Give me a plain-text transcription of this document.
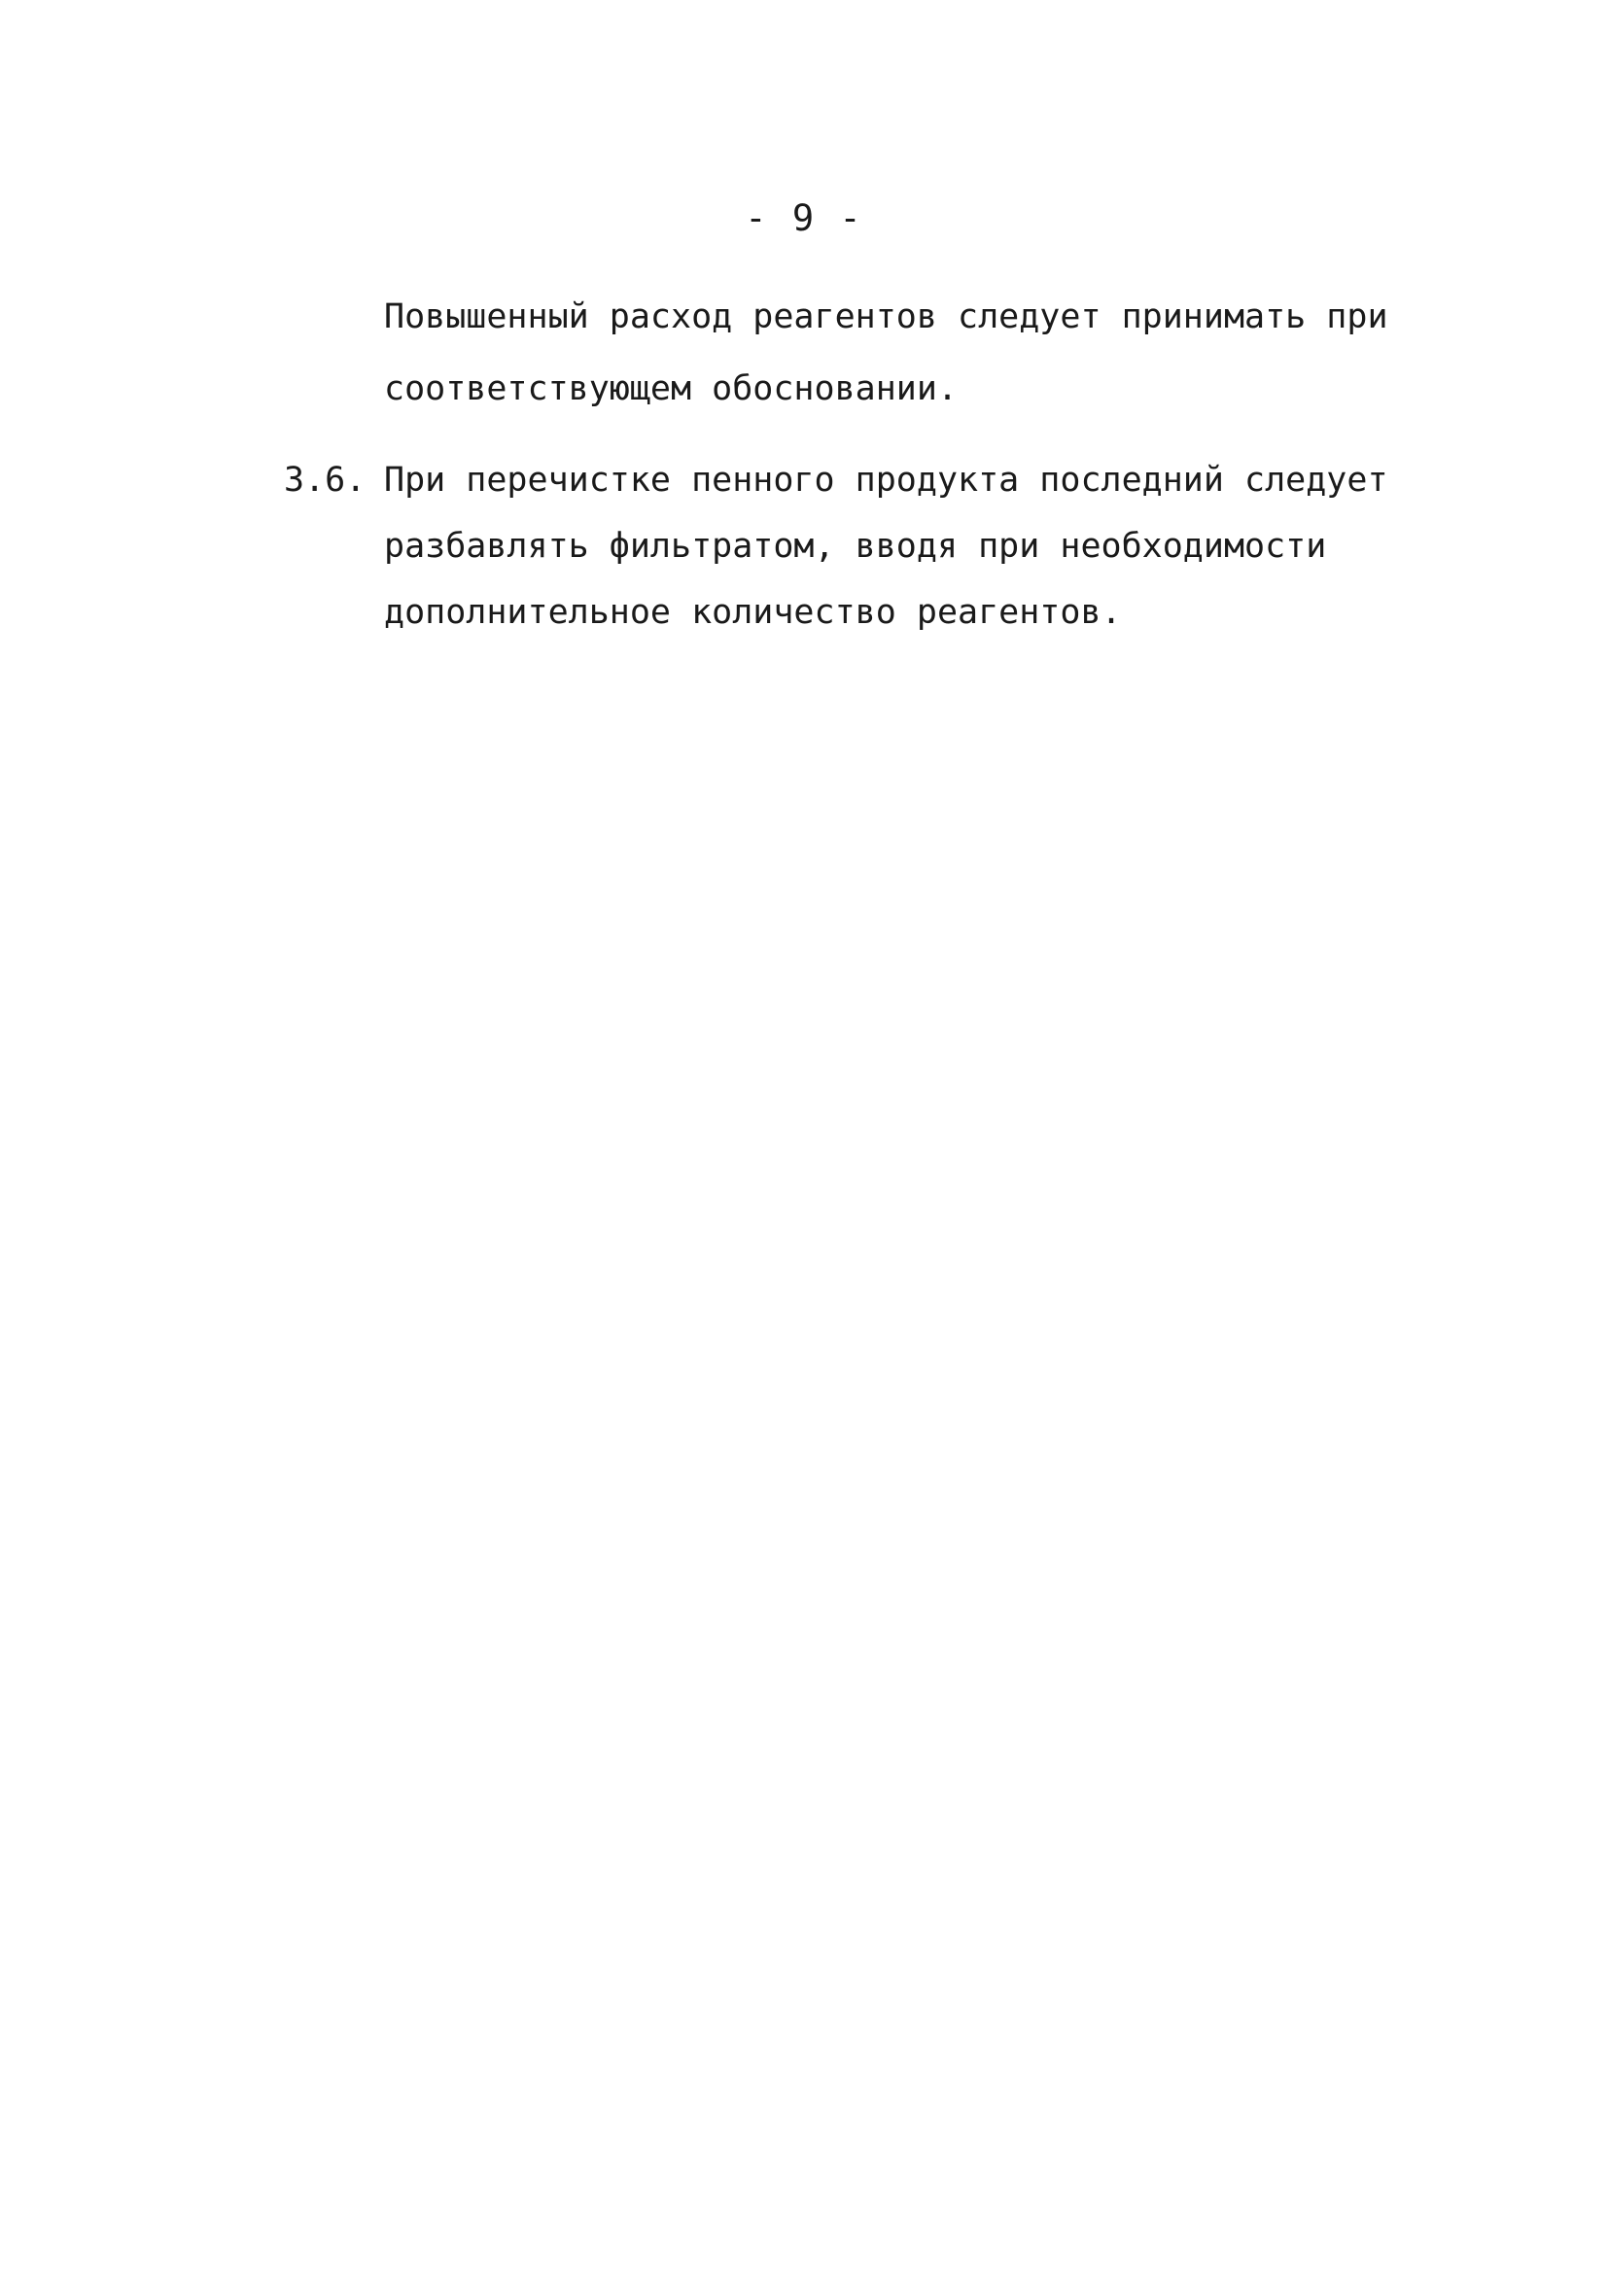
- 9 -
Повышенный расход реагентов следует принимать при
соответствующем обосновании.
3.6. При перечистке пенного продукта последний следует
разбавлять фильтратом, вводя при необходимости
дополнительное количество реагентов.
